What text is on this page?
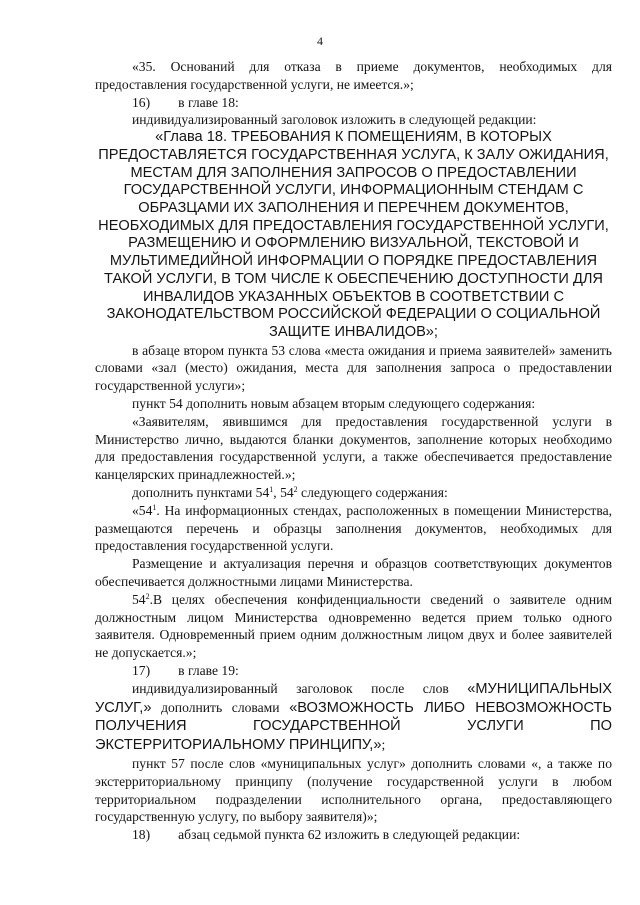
4

«35. Оснований для отказа в приеме документов, необходимых для предоставления государственной услуги, не имеется.»;

16) в главе 18:

индивидуализированный заголовок изложить в следующей редакции:

«Глава 18. ТРЕБОВАНИЯ К ПОМЕЩЕНИЯМ, В КОТОРЫХ ПРЕДОСТАВЛЯЕТСЯ ГОСУДАРСТВЕННАЯ УСЛУГА, К ЗАЛУ ОЖИДАНИЯ, МЕСТАМ ДЛЯ ЗАПОЛНЕНИЯ ЗАПРОСОВ О ПРЕДОСТАВЛЕНИИ ГОСУДАРСТВЕННОЙ УСЛУГИ, ИНФОРМАЦИОННЫМ СТЕНДАМ С ОБРАЗЦАМИ ИХ ЗАПОЛНЕНИЯ И ПЕРЕЧНЕМ ДОКУМЕНТОВ, НЕОБХОДИМЫХ ДЛЯ ПРЕДОСТАВЛЕНИЯ ГОСУДАРСТВЕННОЙ УСЛУГИ, РАЗМЕЩЕНИЮ И ОФОРМЛЕНИЮ ВИЗУАЛЬНОЙ, ТЕКСТОВОЙ И МУЛЬТИМЕДИЙНОЙ ИНФОРМАЦИИ О ПОРЯДКЕ ПРЕДОСТАВЛЕНИЯ ТАКОЙ УСЛУГИ, В ТОМ ЧИСЛЕ К ОБЕСПЕЧЕНИЮ ДОСТУПНОСТИ ДЛЯ ИНВАЛИДОВ УКАЗАННЫХ ОБЪЕКТОВ В СООТВЕТСТВИИ С ЗАКОНОДАТЕЛЬСТВОМ РОССИЙСКОЙ ФЕДЕРАЦИИ О СОЦИАЛЬНОЙ ЗАЩИТЕ ИНВАЛИДОВ»;

в абзаце втором пункта 53 слова «места ожидания и приема заявителей» заменить словами «зал (место) ожидания, места для заполнения запроса о предоставлении государственной услуги»;

пункт 54 дополнить новым абзацем вторым следующего содержания:

«Заявителям, явившимся для предоставления государственной услуги в Министерство лично, выдаются бланки документов, заполнение которых необходимо для предоставления государственной услуги, а также обеспечивается предоставление канцелярских принадлежностей.»;

дополнить пунктами $54^1$, $54^2$ следующего содержания:

«$54^1$. На информационных стендах, расположенных в помещении Министерства, размещаются перечень и образцы заполнения документов, необходимых для предоставления государственной услуги.

Размещение и актуализация перечня и образцов соответствующих документов обеспечивается должностными лицами Министерства.

$54^2.В$ целях обеспечения конфиденциальности сведений о заявителе одним должностным лицом Министерства одновременно ведется прием только одного заявителя. Одновременный прием одним должностным лицом двух и более заявителей не допускается.»;

17) в главе 19:

индивидуализированный заголовок после слов «МУНИЦИПАЛЬНЫХ УСЛУГ,» дополнить словами «ВОЗМОЖНОСТЬ ЛИБО НЕВОЗМОЖНОСТЬ ПОЛУЧЕНИЯ ГОСУДАРСТВЕННОЙ УСЛУГИ ПО ЭКСТЕРРИТОРИАЛЬНОМУ ПРИНЦИПУ,»;

пункт 57 после слов «муниципальных услуг» дополнить словами «, а также по экстерриториальному принципу (получение государственной услуги в любом территориальном подразделении исполнительного органа, предоставляющего государственную услугу, по выбору заявителя)»;

18) абзац седьмой пункта 62 изложить в следующей редакции:
